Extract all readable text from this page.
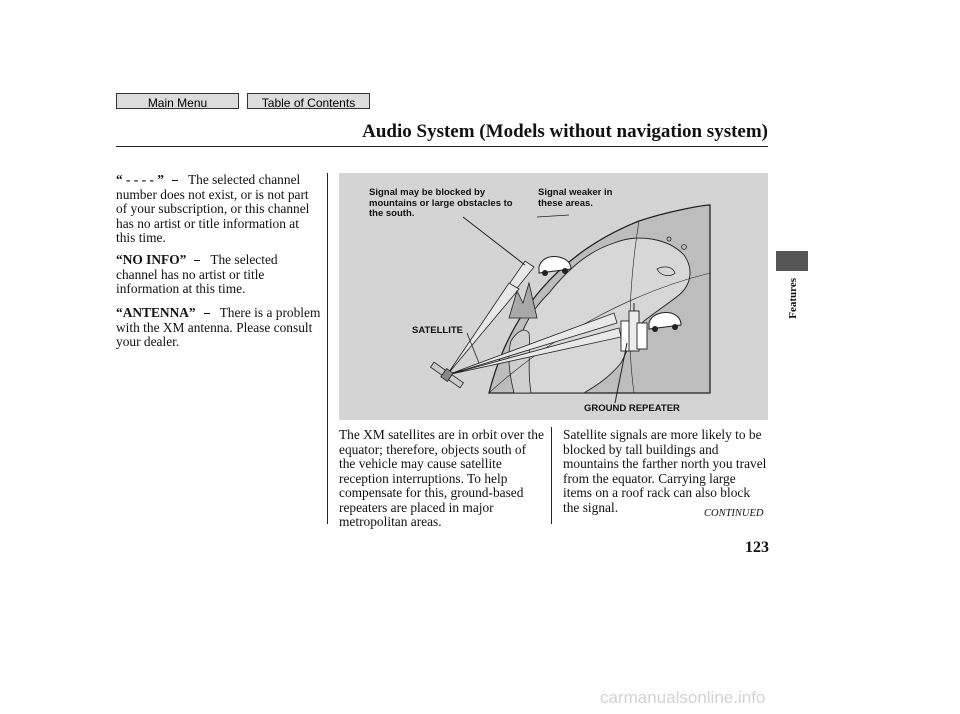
Main Menu	Table of Contents
Audio System (Models without navigation system)
Features
“ - - - - ” The selected channel number does not exist, or is not part of your subscription, or this channel has no artist or title information at this time.
“NO INFO” The selected channel has no artist or title information at this time.
“ANTENNA” There is a problem with the XM antenna. Please consult your dealer.
Signal may be blocked by
mountains or large obstacles to
the south.
Signal weaker in
these areas.
SATELLITE
GROUND REPEATER
The XM satellites are in orbit over the equator; therefore, objects south of the vehicle may cause satellite reception interruptions. To help compensate for this, ground-based repeaters are placed in major metropolitan areas.
Satellite signals are more likely to be blocked by tall buildings and mountains the farther north you travel from the equator. Carrying large items on a roof rack can also block the signal.	CONTINUED
123
carmanualsonline.info
